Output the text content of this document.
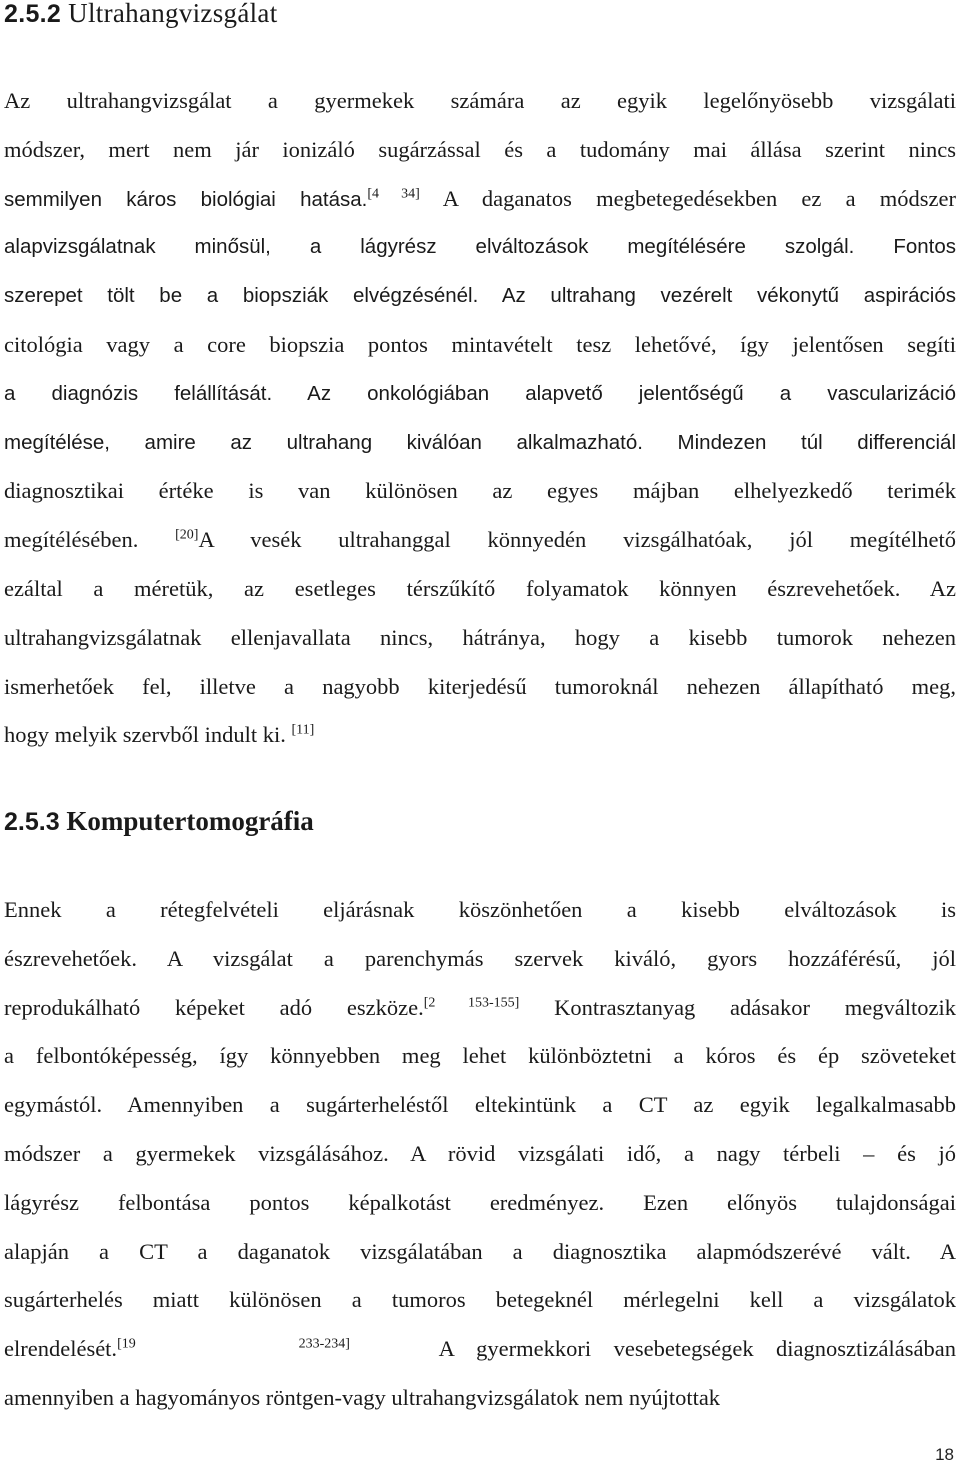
2.5.2 Ultrahangvizsgálat
Az ultrahangvizsgálat a gyermekek számára az egyik legelőnyösebb vizsgálati
módszer, mert nem jár ionizáló sugárzással és a tudomány mai állása szerint nincs
semmilyen káros biológiai hatása.[4 34] A daganatos megbetegedésekben ez a módszer
alapvizsgálatnak minősül, a lágyrész elváltozások megítélésére szolgál. Fontos
szerepet tölt be a biopsziák elvégzésénél. Az ultrahang vezérelt vékonytű aspirációs
citológia vagy a core biopszia pontos mintavételt tesz lehetővé, így jelentősen segíti
a diagnózis felállítását. Az onkológiában alapvető jelentőségű a vascularizáció
megítélése, amire az ultrahang kiválóan alkalmazható. Mindezen túl differenciál
diagnosztikai értéke is van különösen az egyes májban elhelyezkedő terimék
megítélésében. [20]A vesék ultrahanggal könnyedén vizsgálhatóak, jól megítélhető
ezáltal a méretük, az esetleges térszűkítő folyamatok könnyen észrevehetőek. Az
ultrahangvizsgálatnak ellenjavallata nincs, hátránya, hogy a kisebb tumorok nehezen
ismerhetőek fel, illetve a nagyobb kiterjedésű tumoroknál nehezen állapítható meg,
hogy melyik szervből indult ki. [11]
2.5.3 Komputertomográfia
Ennek a rétegfelvételi eljárásnak köszönhetően a kisebb elváltozások is
észrevehetőek. A vizsgálat a parenchymás szervek kiváló, gyors hozzáférésű, jól
reprodukálható képeket adó eszköze.[2 153-155] Kontrasztanyag adásakor megváltozik
a felbontóképesség, így könnyebben meg lehet különböztetni a kóros és ép szöveteket
egymástól. Amennyiben a sugárterheléstől eltekintünk a CT az egyik legalkalmasabb
módszer a gyermekek vizsgálásához. A rövid vizsgálati idő, a nagy térbeli – és jó
lágyrész felbontása pontos képalkotást eredményez. Ezen előnyös tulajdonságai
alapján a CT a daganatok vizsgálatában a diagnosztika alapmódszerévé vált. A
sugárterhelés miatt különösen a tumoros betegeknél mérlegelni kell a vizsgálatok
elrendelését.[19        233-234]    A gyermekkori vesebetegségek diagnosztizálásában
amennyiben a hagyományos röntgen-vagy ultrahangvizsgálatok nem nyújtottak
18
